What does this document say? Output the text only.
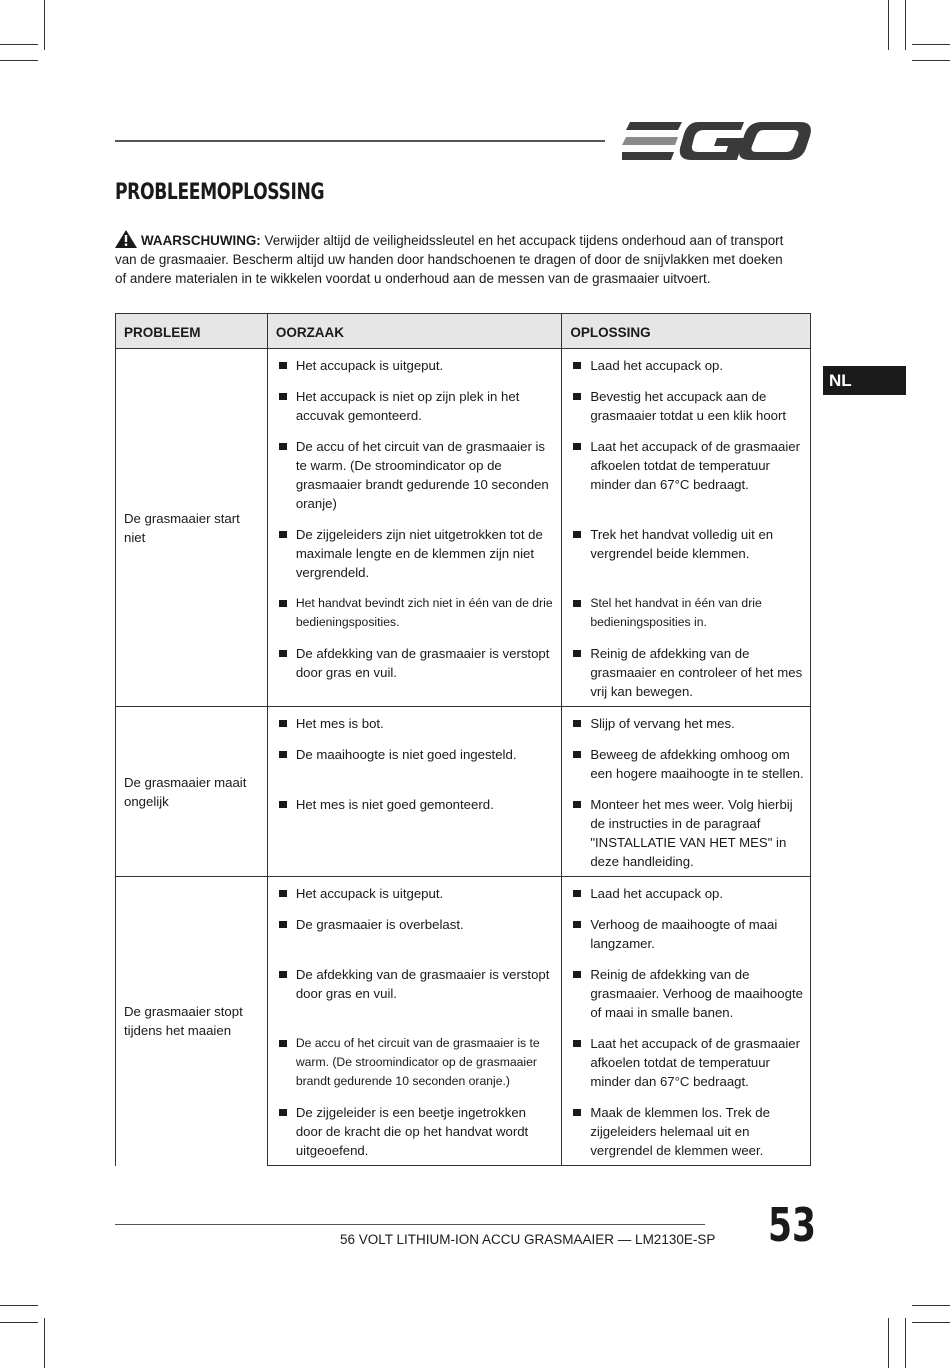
PROBLEEMOPLOSSING

WAARSCHUWING: Verwijder altijd de veiligheidssleutel en het accupack tijdens onderhoud aan of transport van de grasmaaier. Bescherm altijd uw handen door handschoenen te dragen of door de snijvlakken met doeken of andere materialen in te wikkelen voordat u onderhoud aan de messen van de grasmaaier uitvoert.

NL
PROBLEEM	OORZAAK	OPLOSSING
De grasmaaier start niet	Het accupack is uitgeput.	Laad het accupack op.

	Het accupack is niet op zijn plek in het accuvak gemonteerd.	Bevestig het accupack aan de grasmaaier totdat u een klik hoort

	De accu of het circuit van de grasmaaier is te warm. (De stroomindicator op de grasmaaier brandt gedurende 10 seconden oranje)	Laat het accupack of de grasmaaier afkoelen totdat de temperatuur minder dan 67°C bedraagt.

	De zijgeleiders zijn niet uitgetrokken tot de maximale lengte en de klemmen zijn niet vergrendeld.	Trek het handvat volledig uit en vergrendel beide klemmen.

	Het handvat bevindt zich niet in één van de drie bedieningsposities.	Stel het handvat in één van drie bedieningsposities in.

	De afdekking van de grasmaaier is verstopt door gras en vuil.	Reinig de afdekking van de grasmaaier en controleer of het mes vrij kan bewegen.

De grasmaaier maait ongelijk	Het mes is bot.	Slijp of vervang het mes.

	De maaihoogte is niet goed ingesteld.	Beweeg de afdekking omhoog om een hogere maaihoogte in te stellen.

	Het mes is niet goed gemonteerd.	Monteer het mes weer. Volg hierbij de instructies in de paragraaf "INSTALLATIE VAN HET MES" in deze handleiding.

De grasmaaier stopt tijdens het maaien	Het accupack is uitgeput.	Laad het accupack op.

	De grasmaaier is overbelast.	Verhoog de maaihoogte of maai langzamer.

	De afdekking van de grasmaaier is verstopt door gras en vuil.	Reinig de afdekking van de grasmaaier. Verhoog de maaihoogte of maai in smalle banen.

	De accu of het circuit van de grasmaaier is te warm. (De stroomindicator op de grasmaaier brandt gedurende 10 seconden oranje.)	Laat het accupack of de grasmaaier afkoelen totdat de temperatuur minder dan 67°C bedraagt.

	De zijgeleider is een beetje ingetrokken door de kracht die op het handvat wordt uitgeoefend.	Maak de klemmen los. Trek de zijgeleiders helemaal uit en vergrendel de klemmen weer.
56 VOLT LITHIUM-ION ACCU GRASMAAIER — LM2130E-SP 53
